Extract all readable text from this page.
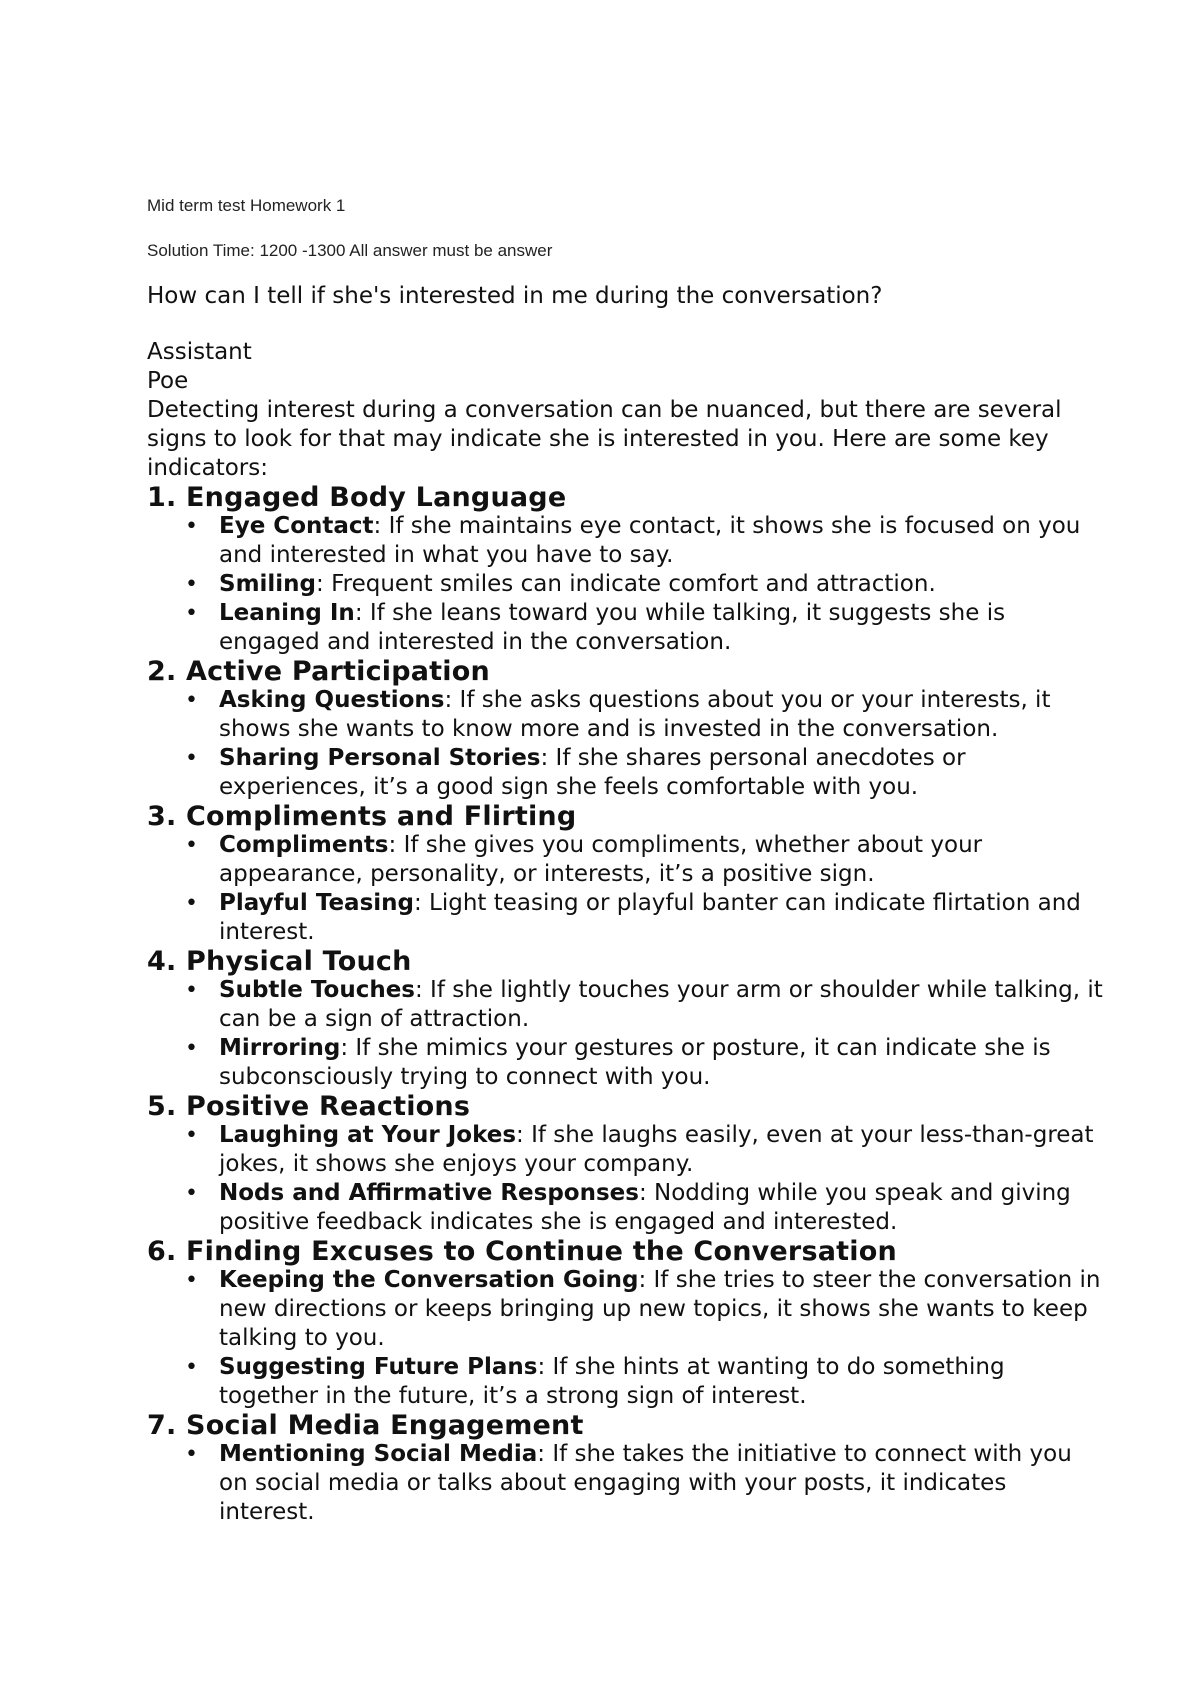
Mid term test Homework 1
Solution Time: 1200 -1300 All answer must be answer

How can I tell if she's interested in me during the conversation?

Assistant

Poe

Detecting interest during a conversation can be nuanced, but there are several signs to look for that may indicate she is interested in you. Here are some key indicators:

1. Engaged Body Language
• Eye Contact: If she maintains eye contact, it shows she is focused on you and interested in what you have to say.
• Smiling: Frequent smiles can indicate comfort and attraction.
• Leaning In: If she leans toward you while talking, it suggests she is engaged and interested in the conversation.
2. Active Participation
• Asking Questions: If she asks questions about you or your interests, it shows she wants to know more and is invested in the conversation.
• Sharing Personal Stories: If she shares personal anecdotes or experiences, it’s a good sign she feels comfortable with you.
3. Compliments and Flirting
• Compliments: If she gives you compliments, whether about your appearance, personality, or interests, it’s a positive sign.
• Playful Teasing: Light teasing or playful banter can indicate flirtation and interest.
4. Physical Touch
• Subtle Touches: If she lightly touches your arm or shoulder while talking, it can be a sign of attraction.
• Mirroring: If she mimics your gestures or posture, it can indicate she is subconsciously trying to connect with you.
5. Positive Reactions
• Laughing at Your Jokes: If she laughs easily, even at your less-than-great jokes, it shows she enjoys your company.
• Nods and Affirmative Responses: Nodding while you speak and giving positive feedback indicates she is engaged and interested.
6. Finding Excuses to Continue the Conversation
• Keeping the Conversation Going: If she tries to steer the conversation in new directions or keeps bringing up new topics, it shows she wants to keep talking to you.
• Suggesting Future Plans: If she hints at wanting to do something together in the future, it’s a strong sign of interest.
7. Social Media Engagement
• Mentioning Social Media: If she takes the initiative to connect with you on social media or talks about engaging with your posts, it indicates interest.
